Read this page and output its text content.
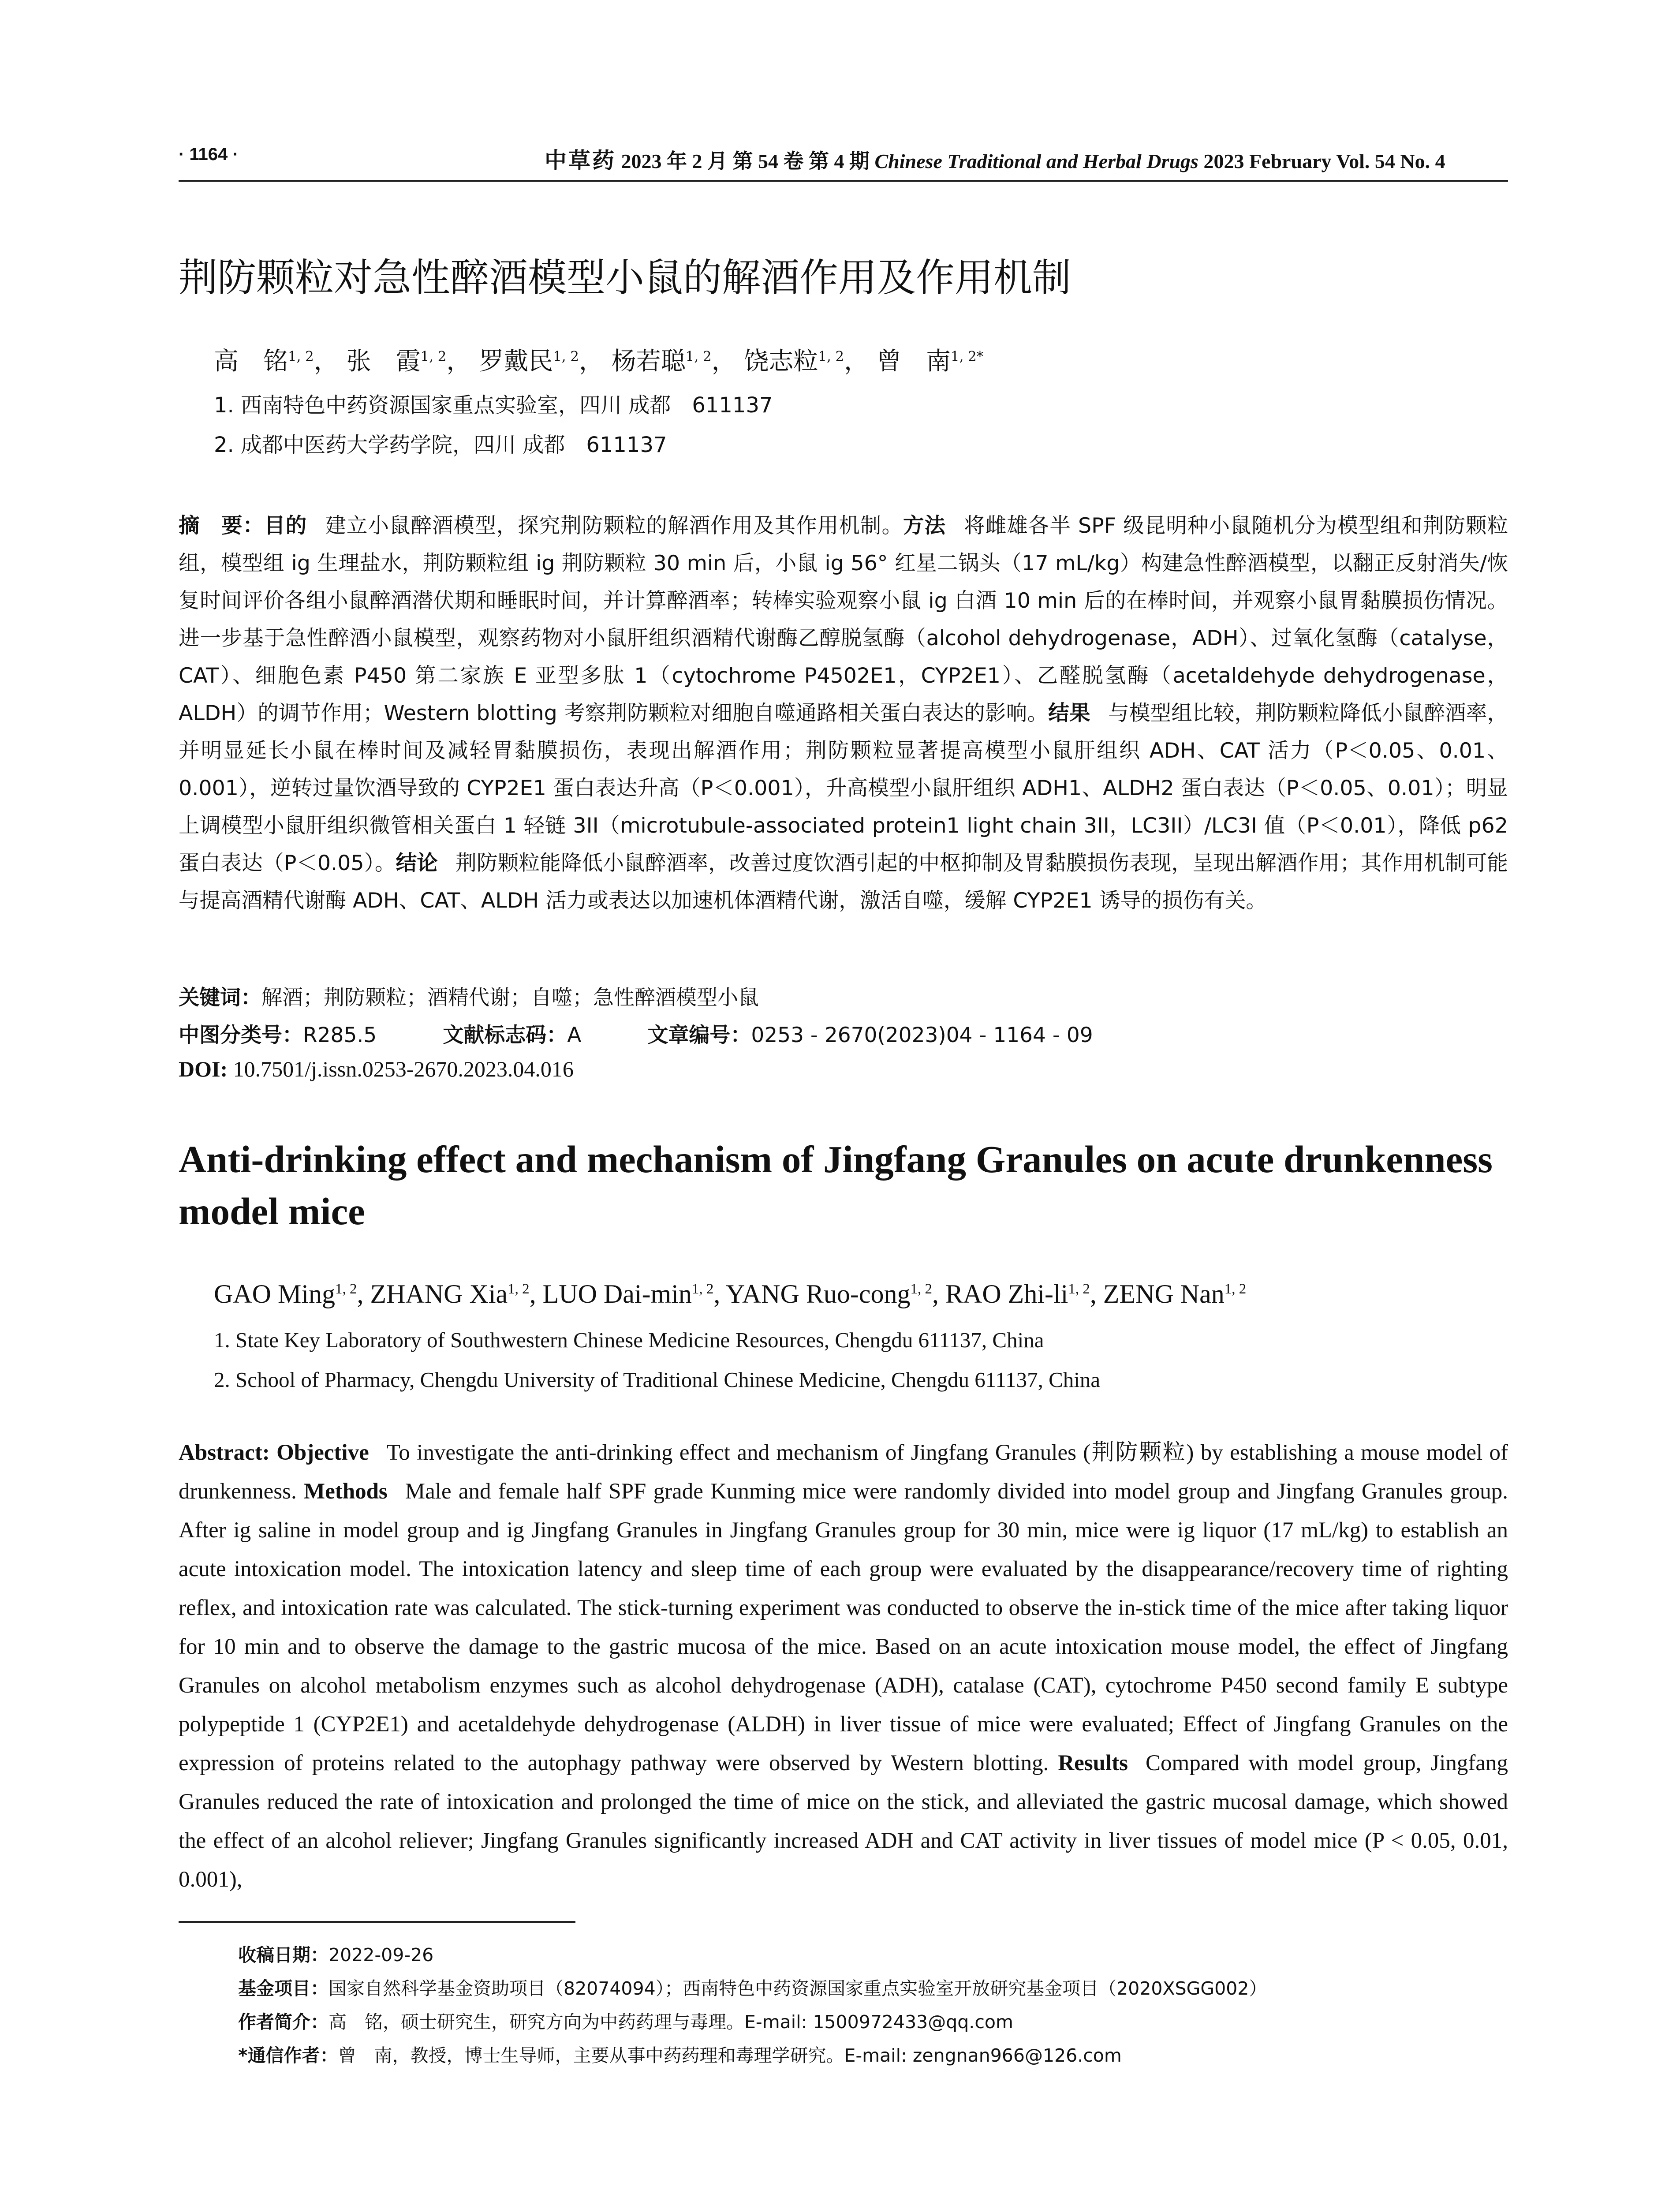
· 1164 ·	中草药 2023 年 2 月 第 54 卷 第 4 期 Chinese Traditional and Herbal Drugs 2023 February Vol. 54 No. 4
荆防颗粒对急性醉酒模型小鼠的解酒作用及作用机制
高　铭$^{1, 2}$， 张　霞$^{1, 2}$， 罗戴民$^{1, 2}$， 杨若聪$^{1, 2}$， 饶志粒$^{1, 2}$， 曾　南$^{1, 2*}$
1. 西南特色中药资源国家重点实验室，四川 成都　611137
2. 成都中医药大学药学院，四川 成都　611137
摘　要：目的 建立小鼠醉酒模型，探究荆防颗粒的解酒作用及其作用机制。方法 将雌雄各半 SPF 级昆明种小鼠随机分为模型组和荆防颗粒组，模型组 ig 生理盐水，荆防颗粒组 ig 荆防颗粒 30 min 后，小鼠 ig 56° 红星二锅头（17 mL/kg）构建急性醉酒模型，以翻正反射消失/恢复时间评价各组小鼠醉酒潜伏期和睡眠时间，并计算醉酒率；转棒实验观察小鼠 ig 白酒 10 min 后的在棒时间，并观察小鼠胃黏膜损伤情况。进一步基于急性醉酒小鼠模型，观察药物对小鼠肝组织酒精代谢酶乙醇脱氢酶（alcohol dehydrogenase，ADH）、过氧化氢酶（catalyse，CAT）、细胞色素 P450 第二家族 E 亚型多肽 1（cytochrome P4502E1，CYP2E1）、乙醛脱氢酶（acetaldehyde dehydrogenase，ALDH）的调节作用；Western blotting 考察荆防颗粒对细胞自噬通路相关蛋白表达的影响。结果 与模型组比较，荆防颗粒降低小鼠醉酒率，并明显延长小鼠在棒时间及减轻胃黏膜损伤，表现出解酒作用；荆防颗粒显著提高模型小鼠肝组织 ADH、CAT 活力（P＜0.05、0.01、0.001），逆转过量饮酒导致的 CYP2E1 蛋白表达升高（P＜0.001），升高模型小鼠肝组织 ADH1、ALDH2 蛋白表达（P＜0.05、0.01）；明显上调模型小鼠肝组织微管相关蛋白 1 轻链 3II（microtubule-associated protein1 light chain 3II，LC3II）/LC3I 值（P＜0.01），降低 p62 蛋白表达（P＜0.05）。结论 荆防颗粒能降低小鼠醉酒率，改善过度饮酒引起的中枢抑制及胃黏膜损伤表现，呈现出解酒作用；其作用机制可能与提高酒精代谢酶 ADH、CAT、ALDH 活力或表达以加速机体酒精代谢，激活自噬，缓解 CYP2E1 诱导的损伤有关。
关键词：解酒；荆防颗粒；酒精代谢；自噬；急性醉酒模型小鼠
中图分类号：R285.5	文献标志码：A	文章编号：0253 - 2670(2023)04 - 1164 - 09
DOI: 10.7501/j.issn.0253-2670.2023.04.016
Anti-drinking effect and mechanism of Jingfang Granules on acute drunkenness model mice
GAO Ming$^{1, 2}$, ZHANG Xia$^{1, 2}$, LUO Dai-$\min^{1, 2}$, YANG Ruo-cong$^{1, 2}$, RAO Zhi-li$^{1, 2}$, ZENG Nan$^{1, 2}$
1. State Key Laboratory of Southwestern Chinese Medicine Resources, Chengdu 611137, China
2. School of Pharmacy, Chengdu University of Traditional Chinese Medicine, Chengdu 611137, China
Abstract: Objective To investigate the anti-drinking effect and mechanism of Jingfang Granules (荆防颗粒) by establishing a mouse model of drunkenness. Methods Male and female half SPF grade Kunming mice were randomly divided into model group and Jingfang Granules group. After ig saline in model group and ig Jingfang Granules in Jingfang Granules group for 30 min, mice were ig liquor (17 mL/kg) to establish an acute intoxication model. The intoxication latency and sleep time of each group were evaluated by the disappearance/recovery time of righting reflex, and intoxication rate was calculated. The stick-turning experiment was conducted to observe the in-stick time of the mice after taking liquor for 10 min and to observe the damage to the gastric mucosa of the mice. Based on an acute intoxication mouse model, the effect of Jingfang Granules on alcohol metabolism enzymes such as alcohol dehydrogenase (ADH), catalase (CAT), cytochrome P450 second family E subtype polypeptide 1 (CYP2E1) and acetaldehyde dehydrogenase (ALDH) in liver tissue of mice were evaluated; Effect of Jingfang Granules on the expression of proteins related to the autophagy pathway were observed by Western blotting. Results Compared with model group, Jingfang Granules reduced the rate of intoxication and prolonged the time of mice on the stick, and alleviated the gastric mucosal damage, which showed the effect of an alcohol reliever; Jingfang Granules significantly increased ADH and CAT activity in liver tissues of model mice (P < 0.05, 0.01, 0.001),
收稿日期：2022-09-26
基金项目：国家自然科学基金资助项目（82074094）；西南特色中药资源国家重点实验室开放研究基金项目（2020XSGG002）
作者简介：高　铭，硕士研究生，研究方向为中药药理与毒理。E-mail: 1500972433@qq.com
*通信作者：曾　南，教授，博士生导师，主要从事中药药理和毒理学研究。E-mail: zengnan966@126.com
